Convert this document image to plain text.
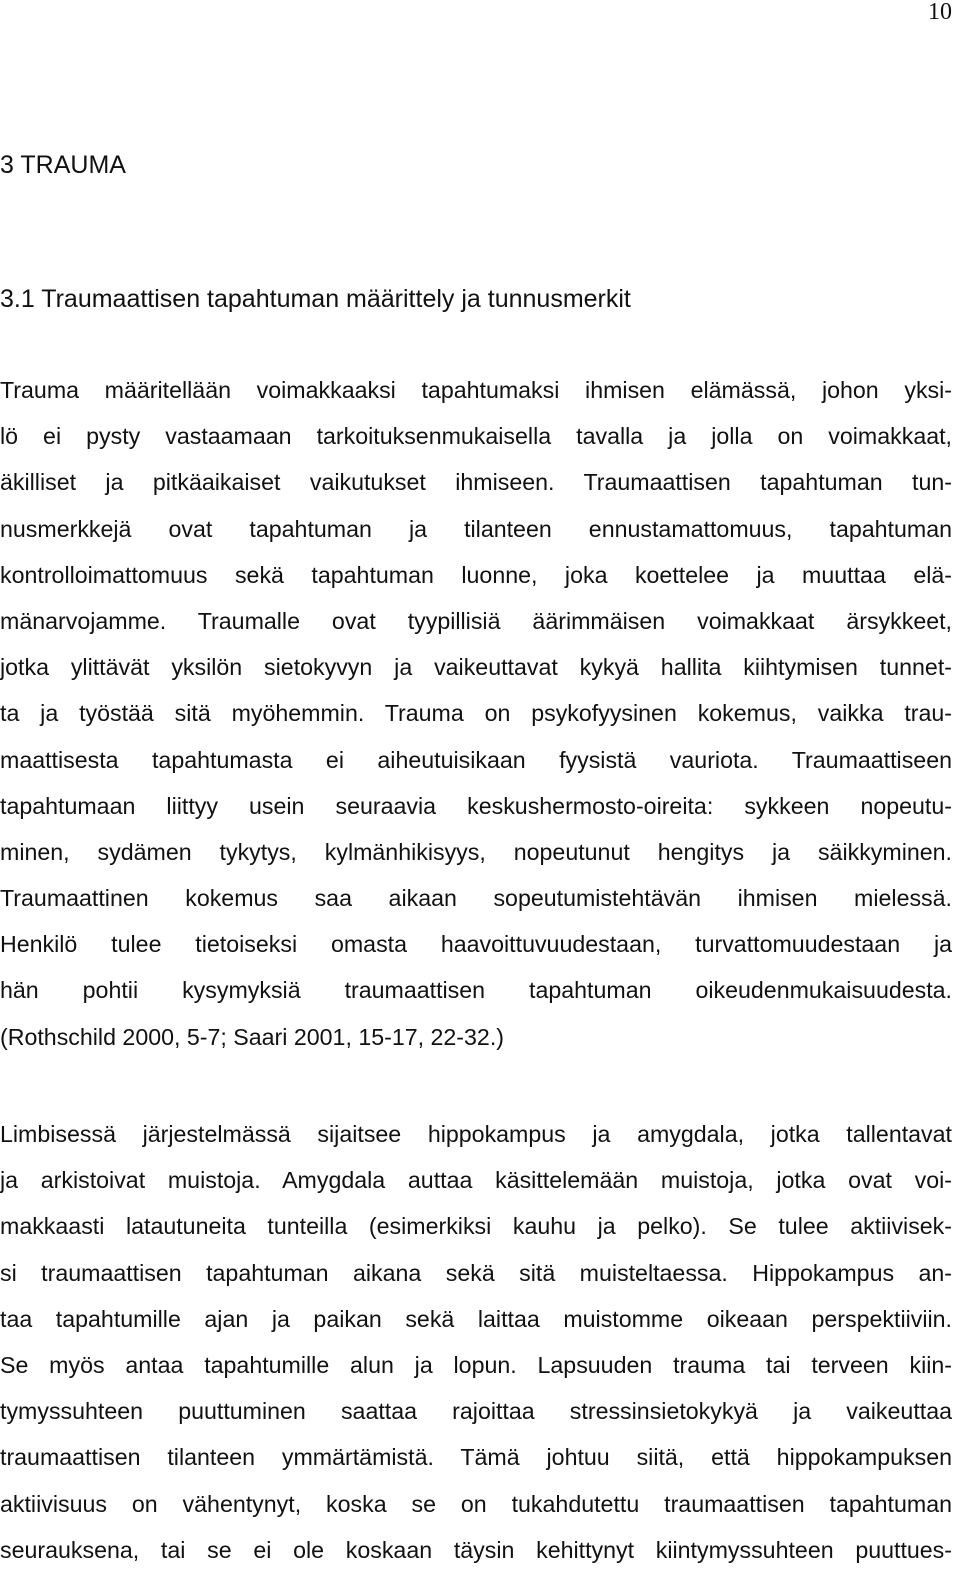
10
3 TRAUMA
3.1 Traumaattisen tapahtuman määrittely ja tunnusmerkit
Trauma määritellään voimakkaaksi tapahtumaksi ihmisen elämässä, johon yksi-
lö ei pysty vastaamaan tarkoituksenmukaisella tavalla ja jolla on voimakkaat,
äkilliset ja pitkäaikaiset vaikutukset ihmiseen. Traumaattisen tapahtuman tun-
nusmerkkejä ovat tapahtuman ja tilanteen ennustamattomuus, tapahtuman
kontrolloimattomuus sekä tapahtuman luonne, joka koettelee ja muuttaa elä-
mänarvojamme. Traumalle ovat tyypillisiä äärimmäisen voimakkaat ärsykkeet,
jotka ylittävät yksilön sietokyvyn ja vaikeuttavat kykyä hallita kiihtymisen tunnet-
ta ja työstää sitä myöhemmin. Trauma on psykofyysinen kokemus, vaikka trau-
maattisesta tapahtumasta ei aiheutuisikaan fyysistä vauriota. Traumaattiseen
tapahtumaan liittyy usein seuraavia keskushermosto-oireita: sykkeen nopeutu-
minen, sydämen tykytys, kylmänhikisyys, nopeutunut hengitys ja säikkyminen.
Traumaattinen kokemus saa aikaan sopeutumistehtävän ihmisen mielessä.
Henkilö tulee tietoiseksi omasta haavoittuvuudestaan, turvattomuudestaan ja
hän pohtii kysymyksiä traumaattisen tapahtuman oikeudenmukaisuudesta.
(Rothschild 2000, 5-7; Saari 2001, 15-17, 22-32.)
Limbisessä järjestelmässä sijaitsee hippokampus ja amygdala, jotka tallentavat
ja arkistoivat muistoja. Amygdala auttaa käsittelemään muistoja, jotka ovat voi-
makkaasti latautuneita tunteilla (esimerkiksi kauhu ja pelko). Se tulee aktiivisek-
si traumaattisen tapahtuman aikana sekä sitä muisteltaessa. Hippokampus an-
taa tapahtumille ajan ja paikan sekä laittaa muistomme oikeaan perspektiiviin.
Se myös antaa tapahtumille alun ja lopun. Lapsuuden trauma tai terveen kiin-
tymyssuhteen puuttuminen saattaa rajoittaa stressinsietokykyä ja vaikeuttaa
traumaattisen tilanteen ymmärtämistä. Tämä johtuu siitä, että hippokampuksen
aktiivisuus on vähentynyt, koska se on tukahdutettu traumaattisen tapahtuman
seurauksena, tai se ei ole koskaan täysin kehittynyt kiintymyssuhteen puuttues-
